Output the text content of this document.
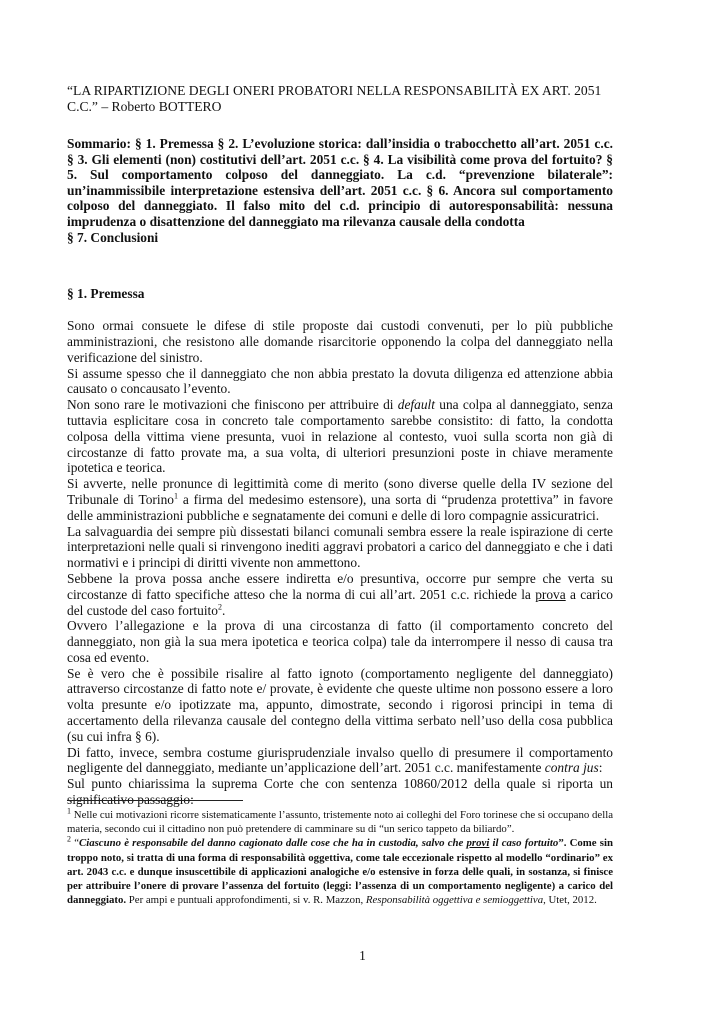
“LA RIPARTIZIONE DEGLI ONERI PROBATORI NELLA RESPONSABILITÀ EX ART. 2051 C.C.” – Roberto BOTTERO

Sommario: § 1. Premessa § 2. L’evoluzione storica: dall’insidia o trabocchetto all’art. 2051 c.c. § 3. Gli elementi (non) costitutivi dell’art. 2051 c.c. § 4. La visibilità come prova del fortuito? § 5. Sul comportamento colposo del danneggiato. La c.d. “prevenzione bilaterale”: un’inammissibile interpretazione estensiva dell’art. 2051 c.c. § 6. Ancora sul comportamento colposo del danneggiato. Il falso mito del c.d. principio di autoresponsabilità: nessuna imprudenza o disattenzione del danneggiato ma rilevanza causale della condotta
§ 7. Conclusioni
§ 1. Premessa

Sono ormai consuete le difese di stile proposte dai custodi convenuti, per lo più pubbliche amministrazioni, che resistono alle domande risarcitorie opponendo la colpa del danneggiato nella verificazione del sinistro.

Si assume spesso che il danneggiato che non abbia prestato la dovuta diligenza ed attenzione abbia causato o concausato l’evento.

Non sono rare le motivazioni che finiscono per attribuire di default una colpa al danneggiato, senza tuttavia esplicitare cosa in concreto tale comportamento sarebbe consistito: di fatto, la condotta colposa della vittima viene presunta, vuoi in relazione al contesto, vuoi sulla scorta non già di circostanze di fatto provate ma, a sua volta, di ulteriori presunzioni poste in chiave meramente ipotetica e teorica.

Si avverte, nelle pronunce di legittimità come di merito (sono diverse quelle della IV sezione del Tribunale di Torino$^1$ a firma del medesimo estensore), una sorta di “prudenza protettiva” in favore delle amministrazioni pubbliche e segnatamente dei comuni e delle di loro compagnie assicuratrici.

La salvaguardia dei sempre più dissestati bilanci comunali sembra essere la reale ispirazione di certe interpretazioni nelle quali si rinvengono inediti aggravi probatori a carico del danneggiato e che i dati normativi e i principi di diritti vivente non ammettono.

Sebbene la prova possa anche essere indiretta e/o presuntiva, occorre pur sempre che verta su circostanze di fatto specifiche atteso che la norma di cui all’art. 2051 c.c. richiede la prova a carico del custode del caso fortuito$^2$.

Ovvero l’allegazione e la prova di una circostanza di fatto (il comportamento concreto del danneggiato, non già la sua mera ipotetica e teorica colpa) tale da interrompere il nesso di causa tra cosa ed evento.

Se è vero che è possibile risalire al fatto ignoto (comportamento negligente del danneggiato) attraverso circostanze di fatto note e/ provate, è evidente che queste ultime non possono essere a loro volta presunte e/o ipotizzate ma, appunto, dimostrate, secondo i rigorosi principi in tema di accertamento della rilevanza causale del contegno della vittima serbato nell’uso della cosa pubblica (su cui infra § 6).

Di fatto, invece, sembra costume giurisprudenziale invalso quello di presumere il comportamento negligente del danneggiato, mediante un’applicazione dell’art. 2051 c.c. manifestamente contra jus:

Sul punto chiarissima la suprema Corte che con sentenza 10860/2012 della quale si riporta un significativo passaggio:

$^1$ Nelle cui motivazioni ricorre sistematicamente l’assunto, tristemente noto ai colleghi del Foro torinese che si occupano della materia, secondo cui il cittadino non può pretendere di camminare su di “un serico tappeto da biliardo”.

$^2$ “Ciascuno è responsabile del danno cagionato dalle cose che ha in custodia, salvo che provi il caso fortuito”. Come sin troppo noto, si tratta di una forma di responsabilità oggettiva, come tale eccezionale rispetto al modello “ordinario” ex art. 2043 c.c. e dunque insuscettibile di applicazioni analogiche e/o estensive in forza delle quali, in sostanza, si finisce per attribuire l’onere di provare l’assenza del fortuito (leggi: l’assenza di un comportamento negligente) a carico del danneggiato. Per ampi e puntuali approfondimenti, si v. R. Mazzon, Responsabilità oggettiva e semioggettiva, Utet, 2012.

1
